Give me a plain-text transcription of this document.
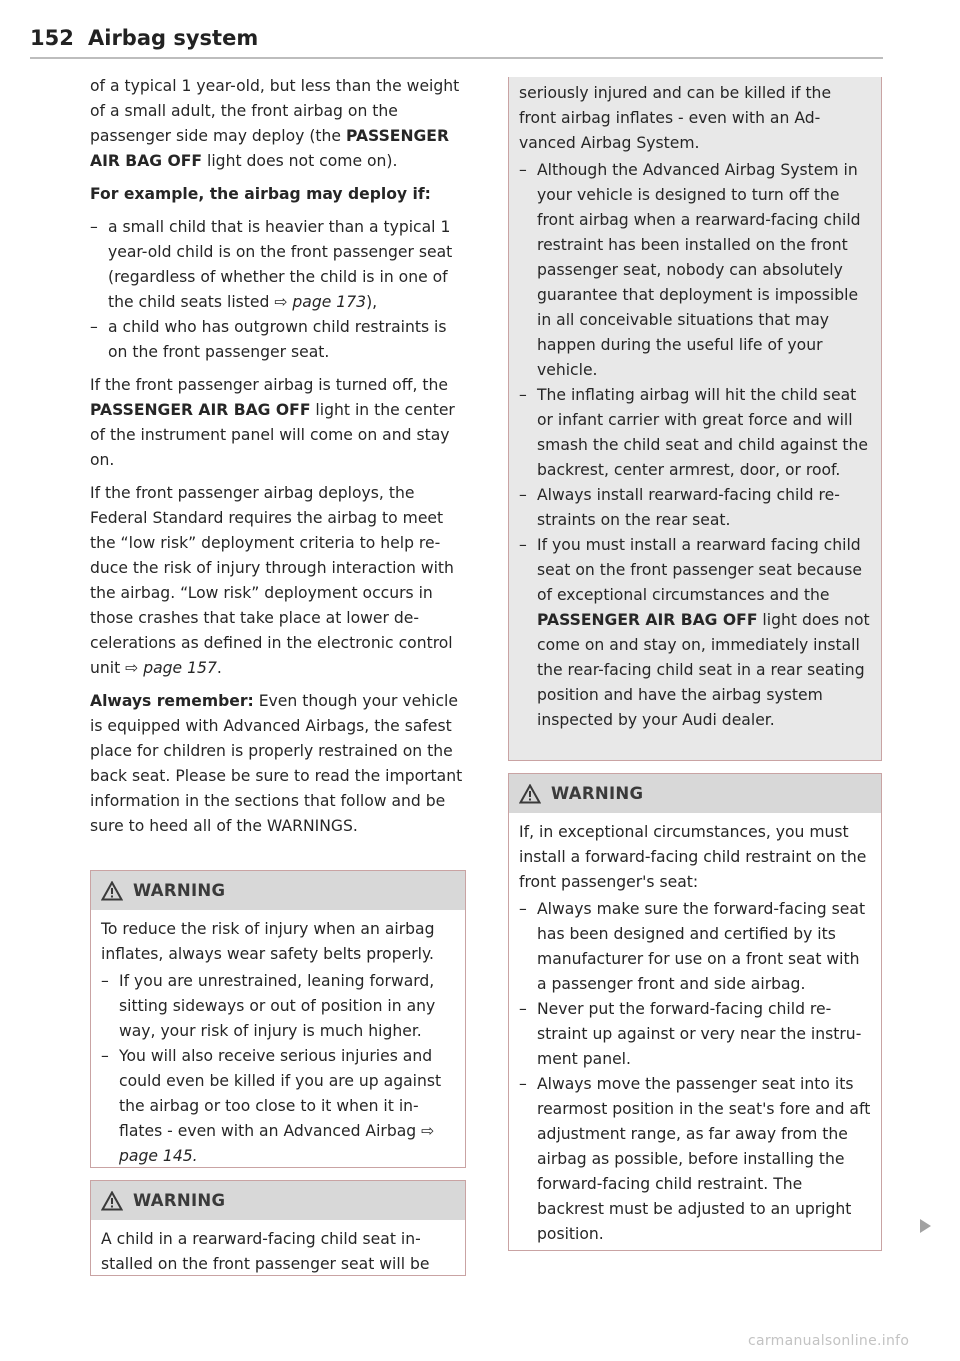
152 Airbag system

of a typical 1 year-old, but less than the weight of a small adult, the front airbag on the passenger side may deploy (the PASSENGER AIR BAG OFF light does not come on).

For example, the airbag may deploy if:

– a small child that is heavier than a typical 1 year-old child is on the front passenger seat (regardless of whether the child is in one of the child seats listed ⇨ page 173),
– a child who has outgrown child restraints is on the front passenger seat.

If the front passenger airbag is turned off, the PASSENGER AIR BAG OFF light in the center of the instrument panel will come on and stay on.

If the front passenger airbag deploys, the Federal Standard requires the airbag to meet the “low risk” deployment criteria to help reduce the risk of injury through interaction with the airbag. “Low risk” deployment occurs in those crashes that take place at lower decelerations as defined in the electronic control unit ⇨ page 157.

Always remember: Even though your vehicle is equipped with Advanced Airbags, the safest place for children is properly restrained on the back seat. Please be sure to read the important information in the sections that follow and be sure to heed all of the WARNINGS.

WARNING

To reduce the risk of injury when an airbag inflates, always wear safety belts properly.

– If you are unrestrained, leaning forward, sitting sideways or out of position in any way, your risk of injury is much higher.
– You will also receive serious injuries and could even be killed if you are up against the airbag or too close to it when it inflates - even with an Advanced Airbag ⇨ page 145.
WARNING

A child in a rearward-facing child seat installed on the front passenger seat will be

seriously injured and can be killed if the front airbag inflates - even with an Advanced Airbag System.

– Although the Advanced Airbag System in your vehicle is designed to turn off the front airbag when a rearward-facing child restraint has been installed on the front passenger seat, nobody can absolutely guarantee that deployment is impossible in all conceivable situations that may happen during the useful life of your vehicle.
– The inflating airbag will hit the child seat or infant carrier with great force and will smash the child seat and child against the backrest, center armrest, door, or roof.
– Always install rearward-facing child restraints on the rear seat.
– If you must install a rearward facing child seat on the front passenger seat because of exceptional circumstances and the PASSENGER AIR BAG OFF light does not come on and stay on, immediately install the rear-facing child seat in a rear seating position and have the airbag system inspected by your Audi dealer.
WARNING

If, in exceptional circumstances, you must install a forward-facing child restraint on the front passenger's seat:

– Always make sure the forward-facing seat has been designed and certified by its manufacturer for use on a front seat with a passenger front and side airbag.
– Never put the forward-facing child restraint up against or very near the instrument panel.
– Always move the passenger seat into its rearmost position in the seat's fore and aft adjustment range, as far away from the airbag as possible, before installing the forward-facing child restraint. The backrest must be adjusted to an upright position.
carmanualsonline.info
